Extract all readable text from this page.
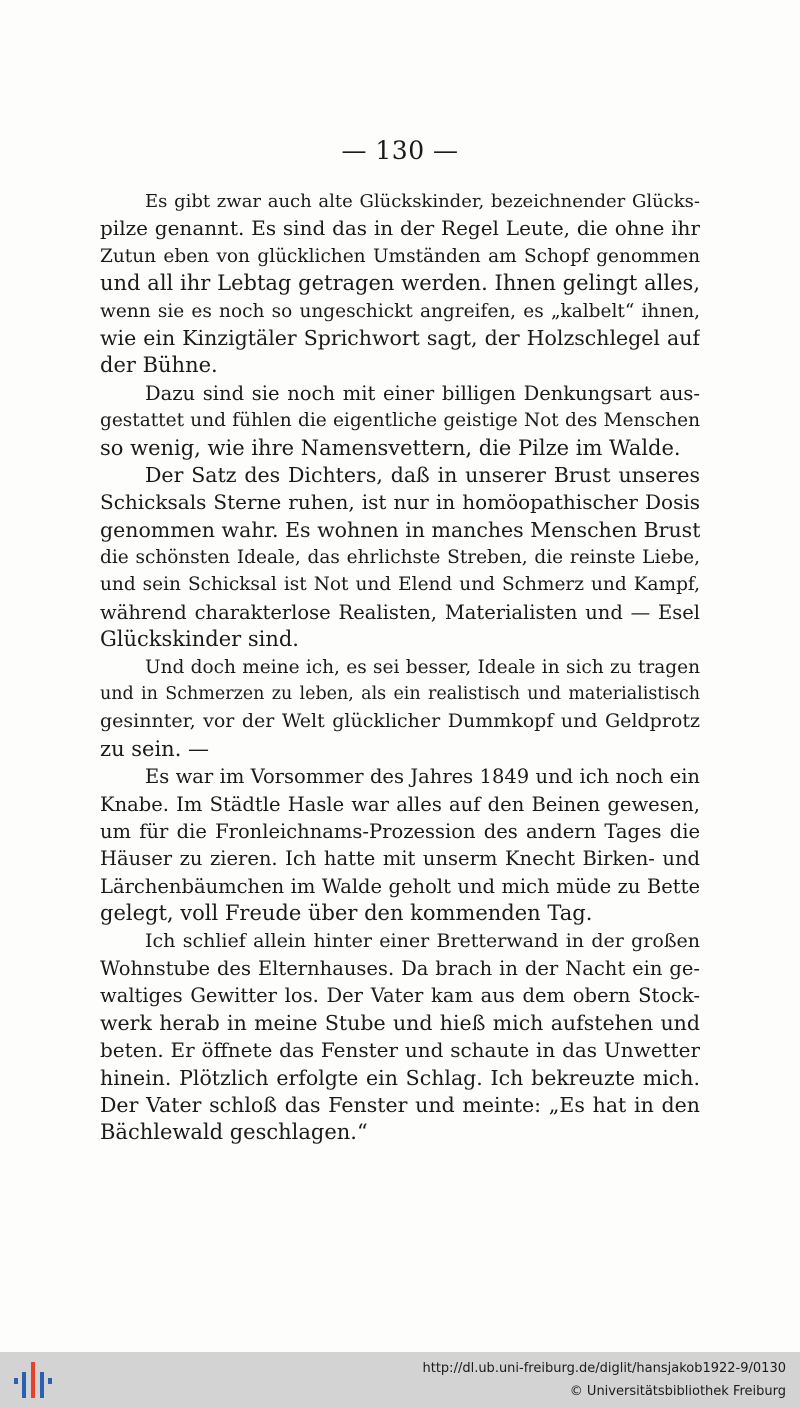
— 130 —
Es gibt zwar auch alte Glückskinder, bezeichnender Glücks-
pilze genannt. Es sind das in der Regel Leute, die ohne ihr
Zutun eben von glücklichen Umständen am Schopf genommen
und all ihr Lebtag getragen werden. Ihnen gelingt alles,
wenn sie es noch so ungeschickt angreifen, es „kalbelt“ ihnen,
wie ein Kinzigtäler Sprichwort sagt, der Holzschlegel auf
der Bühne.
Dazu sind sie noch mit einer billigen Denkungsart aus-
gestattet und fühlen die eigentliche geistige Not des Menschen
so wenig, wie ihre Namensvettern, die Pilze im Walde.
Der Satz des Dichters, daß in unserer Brust unseres
Schicksals Sterne ruhen, ist nur in homöopathischer Dosis
genommen wahr. Es wohnen in manches Menschen Brust
die schönsten Ideale, das ehrlichste Streben, die reinste Liebe,
und sein Schicksal ist Not und Elend und Schmerz und Kampf,
während charakterlose Realisten, Materialisten und — Esel
Glückskinder sind.
Und doch meine ich, es sei besser, Ideale in sich zu tragen
und in Schmerzen zu leben, als ein realistisch und materialistisch
gesinnter, vor der Welt glücklicher Dummkopf und Geldprotz
zu sein. —
Es war im Vorsommer des Jahres 1849 und ich noch ein
Knabe. Im Städtle Hasle war alles auf den Beinen gewesen,
um für die Fronleichnams-Prozession des andern Tages die
Häuser zu zieren. Ich hatte mit unserm Knecht Birken- und
Lärchenbäumchen im Walde geholt und mich müde zu Bette
gelegt, voll Freude über den kommenden Tag.
Ich schlief allein hinter einer Bretterwand in der großen
Wohnstube des Elternhauses. Da brach in der Nacht ein ge-
waltiges Gewitter los. Der Vater kam aus dem obern Stock-
werk herab in meine Stube und hieß mich aufstehen und
beten. Er öffnete das Fenster und schaute in das Unwetter
hinein. Plötzlich erfolgte ein Schlag. Ich bekreuzte mich.
Der Vater schloß das Fenster und meinte: „Es hat in den
Bächlewald geschlagen.“
http://dl.ub.uni-freiburg.de/diglit/hansjakob1922-9/0130
© Universitätsbibliothek Freiburg
